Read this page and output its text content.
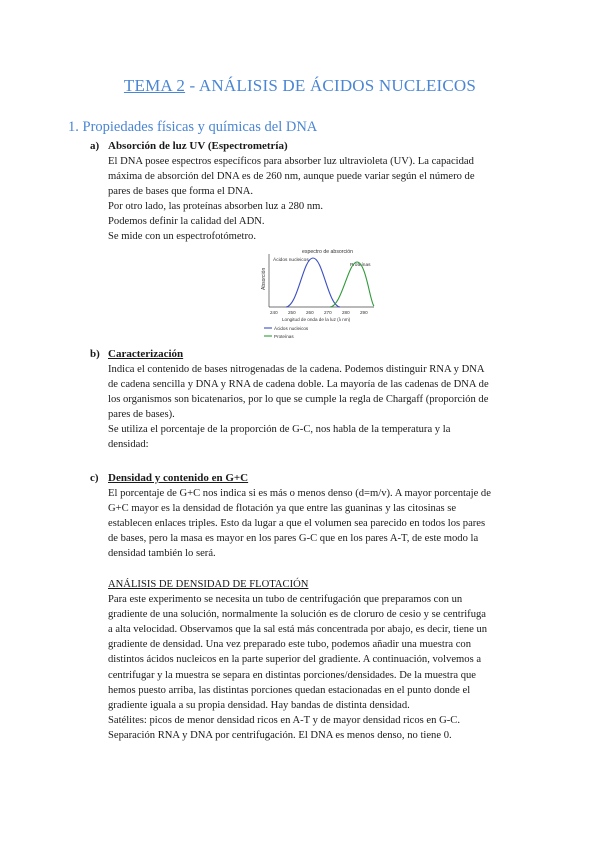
TEMA 2 - ANÁLISIS DE ÁCIDOS NUCLEICOS
1. Propiedades físicas y químicas del DNA
a) Absorción de luz UV (Espectrometría)

El DNA posee espectros específicos para absorber luz ultravioleta (UV). La capacidad

máxima de absorción del DNA es de 260 nm, aunque puede variar según el número de

pares de bases que forma el DNA.

Por otro lado, las proteínas absorben luz a 280 nm.

Podemos definir la calidad del ADN.

Se mide con un espectrofotómetro.

espectro de absorción
Absorción
Ácidos nucleicos
Proteínas
240 250 260 270 280 290
Longitud de onda de la luz (λ nm)
Ácidos nucleicos
Proteínas
b) Caracterización

Indica el contenido de bases nitrogenadas de la cadena. Podemos distinguir RNA y DNA

de cadena sencilla y DNA y RNA de cadena doble. La mayoría de las cadenas de DNA de

los organismos son bicatenarios, por lo que se cumple la regla de Chargaff (proporción de

pares de bases).

Se utiliza el porcentaje de la proporción de G-C, nos habla de la temperatura y la

densidad:

c) Densidad y contenido en G+C

El porcentaje de G+C nos indica si es más o menos denso (d=m/v). A mayor porcentaje de

G+C mayor es la densidad de flotación ya que entre las guaninas y las citosinas se

establecen enlaces triples. Esto da lugar a que el volumen sea parecido en todos los pares

de bases, pero la masa es mayor en los pares G-C que en los pares A-T, de este modo la

densidad también lo será.

ANÁLISIS DE DENSIDAD DE FLOTACIÓN

Para este experimento se necesita un tubo de centrifugación que preparamos con un

gradiente de una solución, normalmente la solución es de cloruro de cesio y se centrifuga

a alta velocidad. Observamos que la sal está más concentrada por abajo, es decir, tiene un

gradiente de densidad. Una vez preparado este tubo, podemos añadir una muestra con

distintos ácidos nucleicos en la parte superior del gradiente. A continuación, volvemos a

centrifugar y la muestra se separa en distintas porciones/densidades. De la muestra que

hemos puesto arriba, las distintas porciones quedan estacionadas en el punto donde el

gradiente iguala a su propia densidad. Hay bandas de distinta densidad.

Satélites: picos de menor densidad ricos en A-T y de mayor densidad ricos en G-C.

Separación RNA y DNA por centrifugación. El DNA es menos denso, no tiene 0.
